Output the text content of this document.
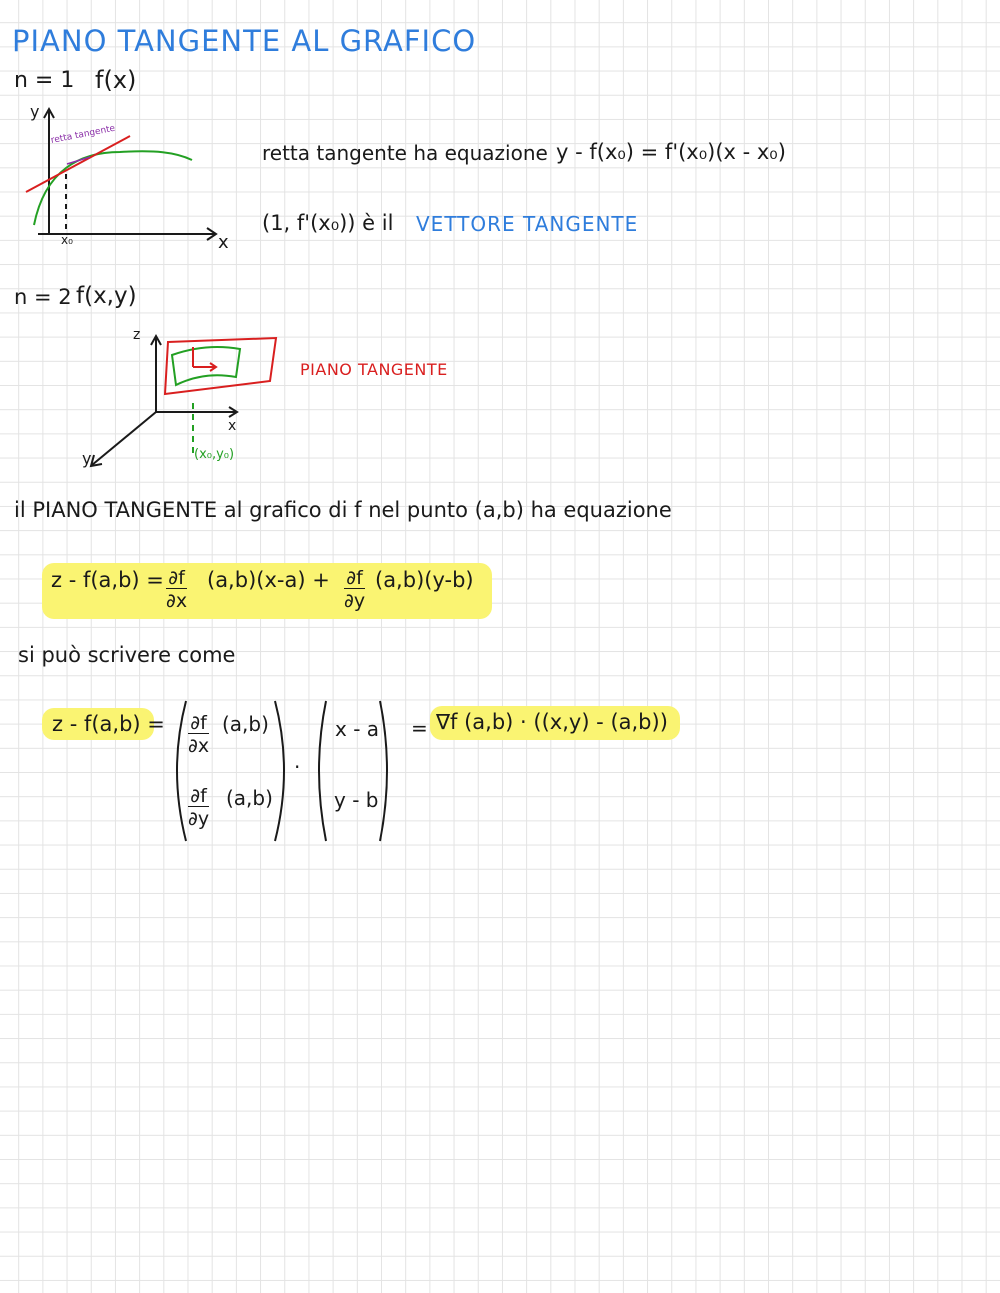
PIANO TANGENTE AL GRAFICO
n = 1 f(x)
y
x
x₀
retta tangente
retta tangente ha equazione y - f(x₀) = f'(x₀)(x - x₀)
(1, f'(x₀)) è il VETTORE TANGENTE
n = 2 f(x,y)
z
x
y	(x₀,y₀)
PIANO TANGENTE
il PIANO TANGENTE al grafico di f nel punto (a,b) ha equazione
$z - f(a,b) = \frac{\partial f}{\partial x} (a,b)(x-a) + \frac{\partial f}{\partial y} (a,b)(y-b)$
si può scrivere come
$z - f(a,b) = \frac{\partial f}{\partial x} (a,b)$
$\frac{\partial f}{\partial y} (a,b)$
·
x - a
y - b
= ∇f (a,b) · ((x,y) - (a,b))
